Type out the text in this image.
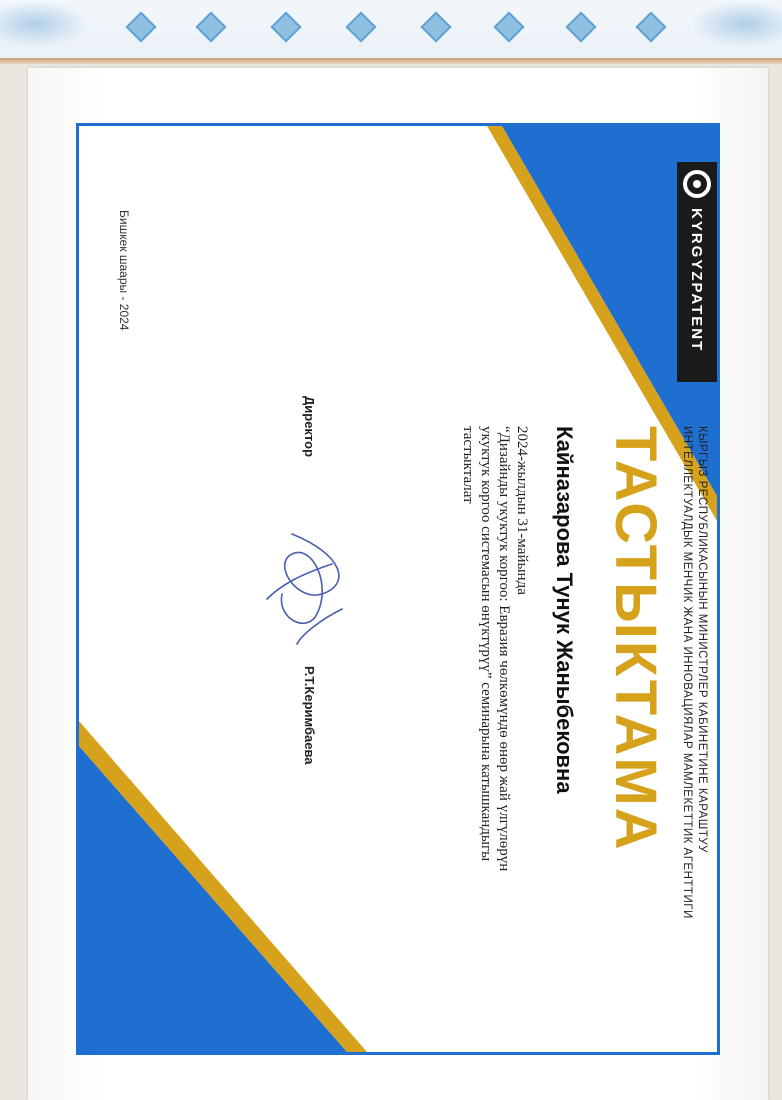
KYRGYZPATENT
КЫРГЫЗ РЕСПУБЛИКАСЫНЫН МИНИСТРЛЕР КАБИНЕТИНЕ КАРАШТУУ
ИНТЕЛЛЕКТУАЛДЫК МЕНЧИК ЖАНА ИННОВАЦИЯЛАР МАМЛЕКЕТТИК АГЕНТТИГИ
ТАСТЫКТАМА
Кайназарова Тунук Жаныбековна
2024-жылдын 31-майында
“Дизайнды укуктук коргоо: Евразия чөлкөмүндө өнөр жай үлгүлөрүн
укуктук коргоо системасын өнүктүрүү” семинарына катышкандыгы
тастыкталат
Директор
Р.Т.Керимбаева
Бишкек шаары - 2024
